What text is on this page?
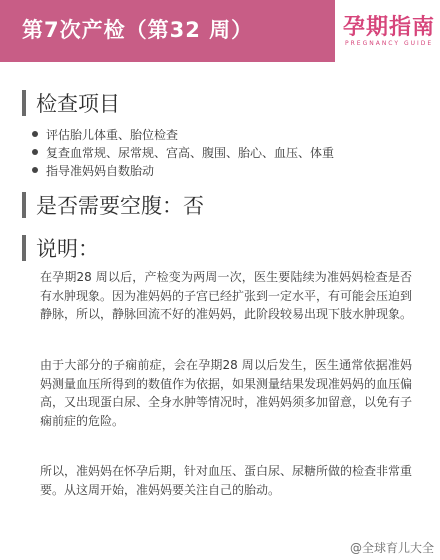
第7次产检（第32 周）	孕期指南
PREGNANCY GUIDE
检查项目
评估胎儿体重、胎位检查
复查血常规、尿常规、宫高、腹围、胎心、血压、体重
指导准妈妈自数胎动
是否需要空腹：否
说明：

在孕期28 周以后，产检变为两周一次，医生要陆续为准妈妈检查是否有水肿现象。因为准妈妈的子宫已经扩张到一定水平，有可能会压迫到静脉，所以，静脉回流不好的准妈妈，此阶段较易出现下肢水肿现象。

由于大部分的子痫前症，会在孕期28 周以后发生，医生通常依据准妈妈测量血压所得到的数值作为依据，如果测量结果发现准妈妈的血压偏高，又出现蛋白尿、全身水肿等情况时，准妈妈须多加留意，以免有子痫前症的危险。

所以，准妈妈在怀孕后期，针对血压、蛋白尿、尿糖所做的检查非常重要。从这周开始，准妈妈要关注自己的胎动。

@全球育儿大全
